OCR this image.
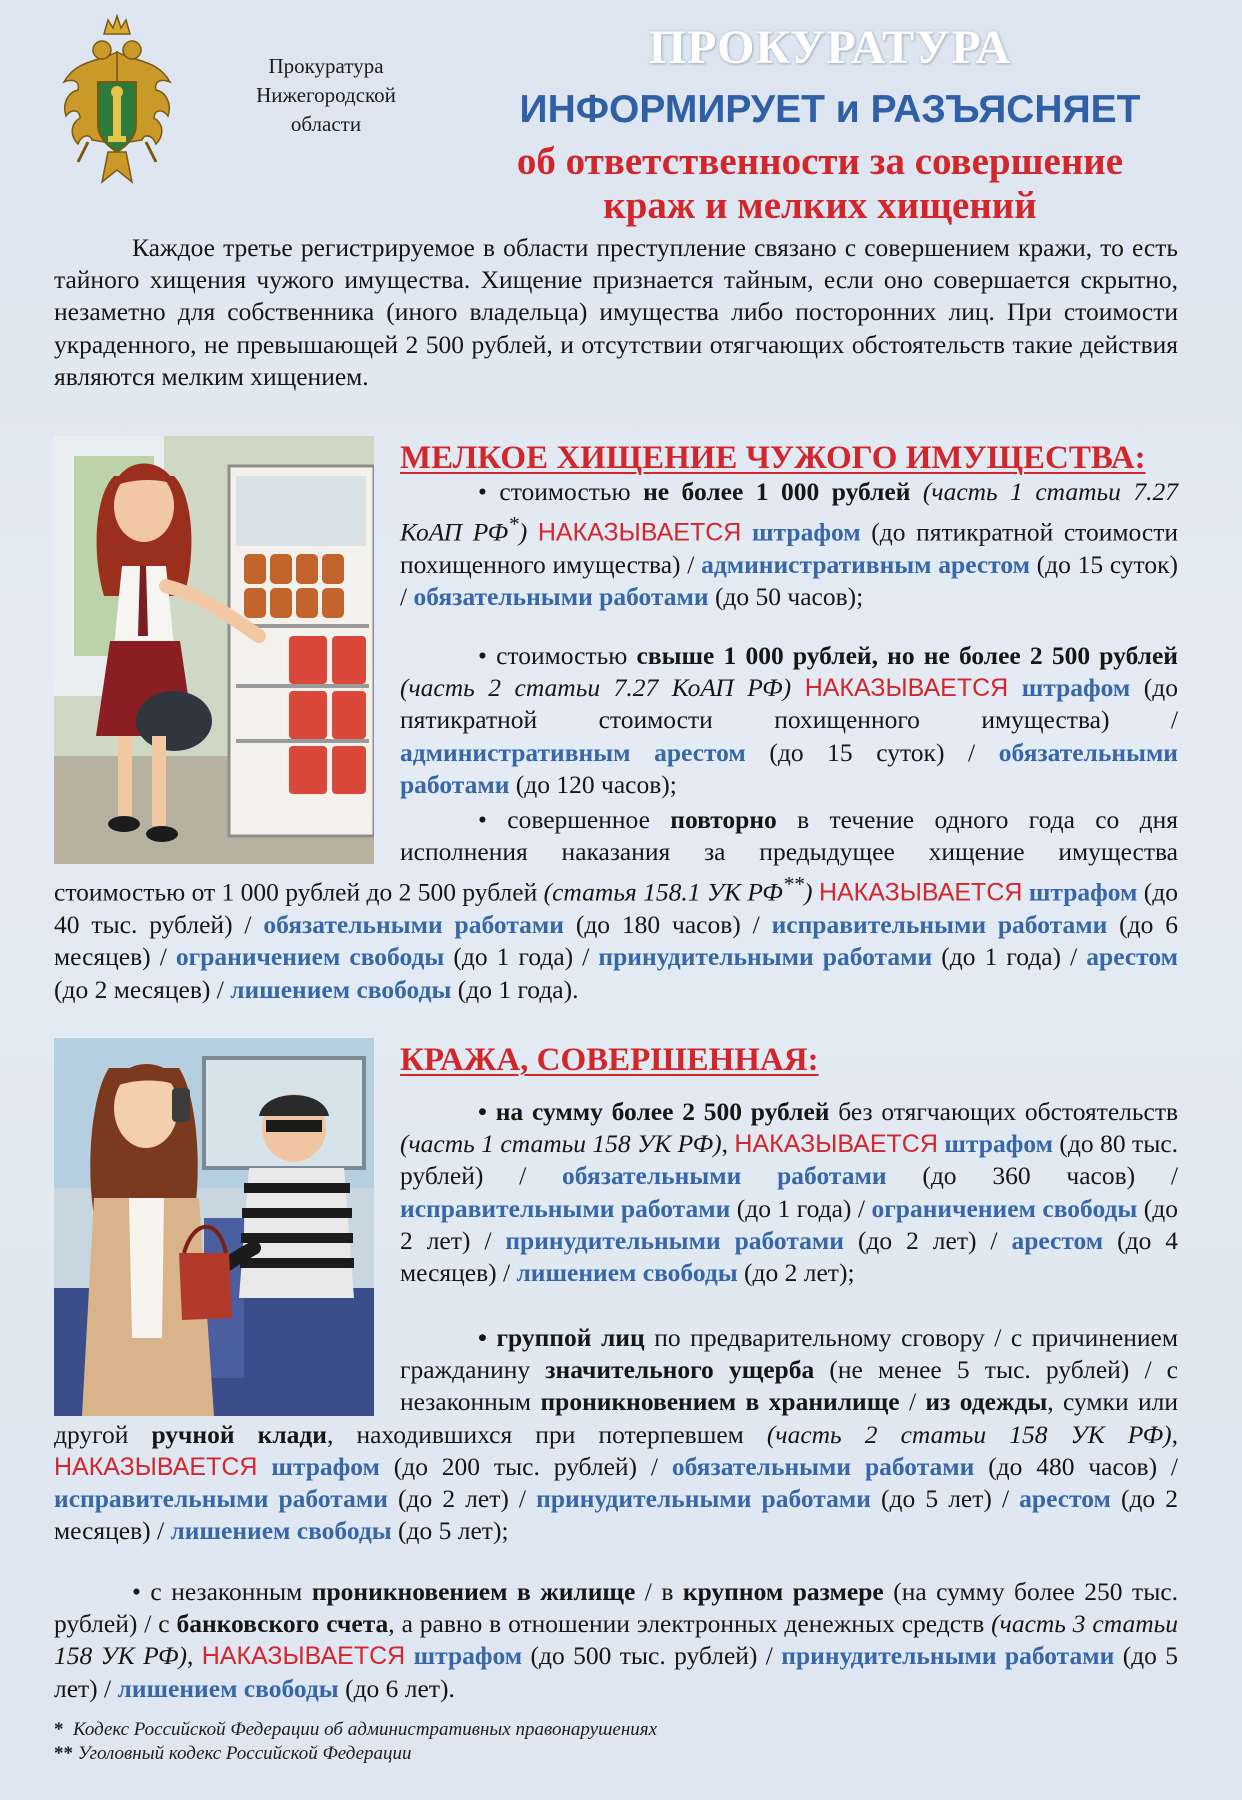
Прокуратура
Нижегородской
области
ПРОКУРАТУРА
ИНФОРМИРУЕТ и РАЗЪЯСНЯЕТ
об ответственности за совершение
краж и мелких хищений
Каждое третье регистрируемое в области преступление связано с совершением кражи, то есть тайного хищения чужого имущества. Хищение признается тайным, если оно совершается скрытно, незаметно для собственника (иного владельца) имущества либо посторонних лиц. При стоимости украденного, не превышающей 2 500 рублей, и отсутствии отягчающих обстоятельств такие действия являются мелким хищением.
МЕЛКОЕ ХИЩЕНИЕ ЧУЖОГО ИМУЩЕСТВА:
• стоимостью не более 1 000 рублей (часть 1 статьи 7.27 КоАП РФ*) НАКАЗЫВАЕТСЯ штрафом (до пятикратной стоимости похищенного имущества) / административным арестом (до 15 суток) / обязательными работами (до 50 часов);
• стоимостью свыше 1 000 рублей, но не более 2 500 рублей (часть 2 статьи 7.27 КоАП РФ) НАКАЗЫВАЕТСЯ штрафом (до пятикратной стоимости похищенного имущества) / административным арестом (до 15 суток) / обязательными работами (до 120 часов);
• совершенное повторно в течение одного года со дня исполнения наказания за предыдущее хищение имущества стоимостью от 1 000 рублей до 2 500 рублей (статья 158.1 УК РФ**) НАКАЗЫВАЕТСЯ штрафом (до 40 тыс. рублей) / обязательными работами (до 180 часов) / исправительными работами (до 6 месяцев) / ограничением свободы (до 1 года) / принудительными работами (до 1 года) / арестом (до 2 месяцев) / лишением свободы (до 1 года).
КРАЖА, СОВЕРШЕННАЯ:
• на сумму более 2 500 рублей без отягчающих обстоятельств (часть 1 статьи 158 УК РФ), НАКАЗЫВАЕТСЯ штрафом (до 80 тыс. рублей) / обязательными работами (до 360 часов) / исправительными работами (до 1 года) / ограничением свободы (до 2 лет) / принудительными работами (до 2 лет) / арестом (до 4 месяцев) / лишением свободы (до 2 лет);
• группой лиц по предварительному сговору / с причинением гражданину значительного ущерба (не менее 5 тыс. рублей) / с незаконным проникновением в хранилище / из одежды, сумки или другой ручной клади, находившихся при потерпевшем (часть 2 статьи 158 УК РФ), НАКАЗЫВАЕТСЯ штрафом (до 200 тыс. рублей) / обязательными работами (до 480 часов) / исправительными работами (до 2 лет) / принудительными работами (до 5 лет) / арестом (до 2 месяцев) / лишением свободы (до 5 лет);
• с незаконным проникновением в жилище / в крупном размере (на сумму более 250 тыс. рублей) / с банковского счета, а равно в отношении электронных денежных средств (часть 3 статьи 158 УК РФ), НАКАЗЫВАЕТСЯ штрафом (до 500 тыс. рублей) / принудительными работами (до 5 лет) / лишением свободы (до 6 лет).
* Кодекс Российской Федерации об административных правонарушениях
** Уголовный кодекс Российской Федерации
